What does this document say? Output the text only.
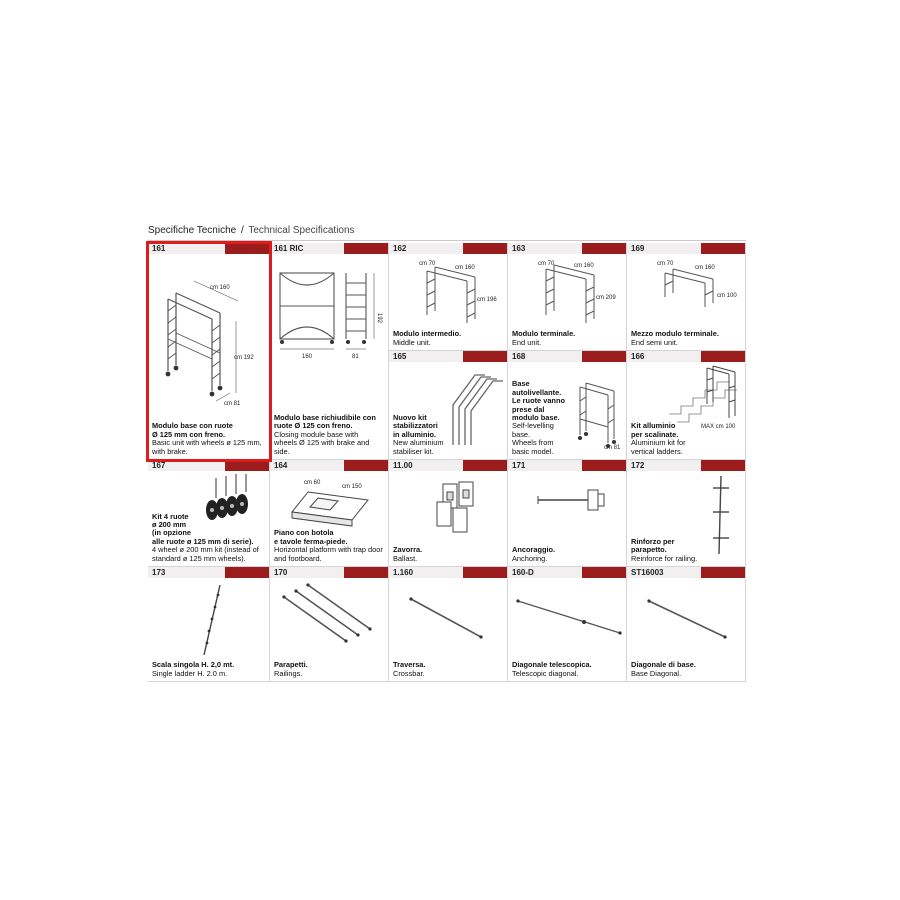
Specifiche Tecniche / Technical Specifications
161
cm 160
cm 192
cm 81
Modulo base con ruote
Ø 125 mm con freno.
Basic unit with wheels ø 125 mm,
with brake.
161 RIC
160	81
192
Modulo base richiudibile con
ruote Ø 125 con freno.
Closing module base with
wheels Ø 125 with brake and side.
162
cm 70
cm 160
cm 196
Modulo intermedio.
Middle unit.
163
cm 70	cm 160
cm 209
Modulo terminale.
End unit.
169
cm 70
cm 160
cm 100
Mezzo modulo terminale.
End semi unit.
165
Nuovo kit
stabilizzatori
in alluminio.
New aluminium
stabiliser kit.
168
cm 81
Base
autolivellante.
Le ruote vanno
prese dal
modulo base.
Self-levelling base.
Wheels from
basic model.
166
MAX cm 100
Kit alluminio
per scalinate.
Aluminium kit for
vertical ladders.
167
Kit 4 ruote
ø 200 mm
(in opzione
alle ruote ø 125 mm di serie).
4 wheel ø 200 mm kit (instead of
standard ø 125 mm wheels).
164
cm 60
cm 150
Piano con botola
e tavole ferma-piede.
Horizontal platform with trap door
and footboard.
11.00
Zavorra.
Ballast.
171
Ancoraggio.
Anchoring.
172
Rinforzo per
parapetto.
Reinforce for railing.
173
Scala singola H. 2,0 mt.
Single ladder H. 2.0 m.
170
Parapetti.
Railings.
1.160
Traversa.
Crossbar.
160-D
Diagonale telescopica.
Telescopic diagonal.
ST16003
Diagonale di base.
Base Diagonal.
